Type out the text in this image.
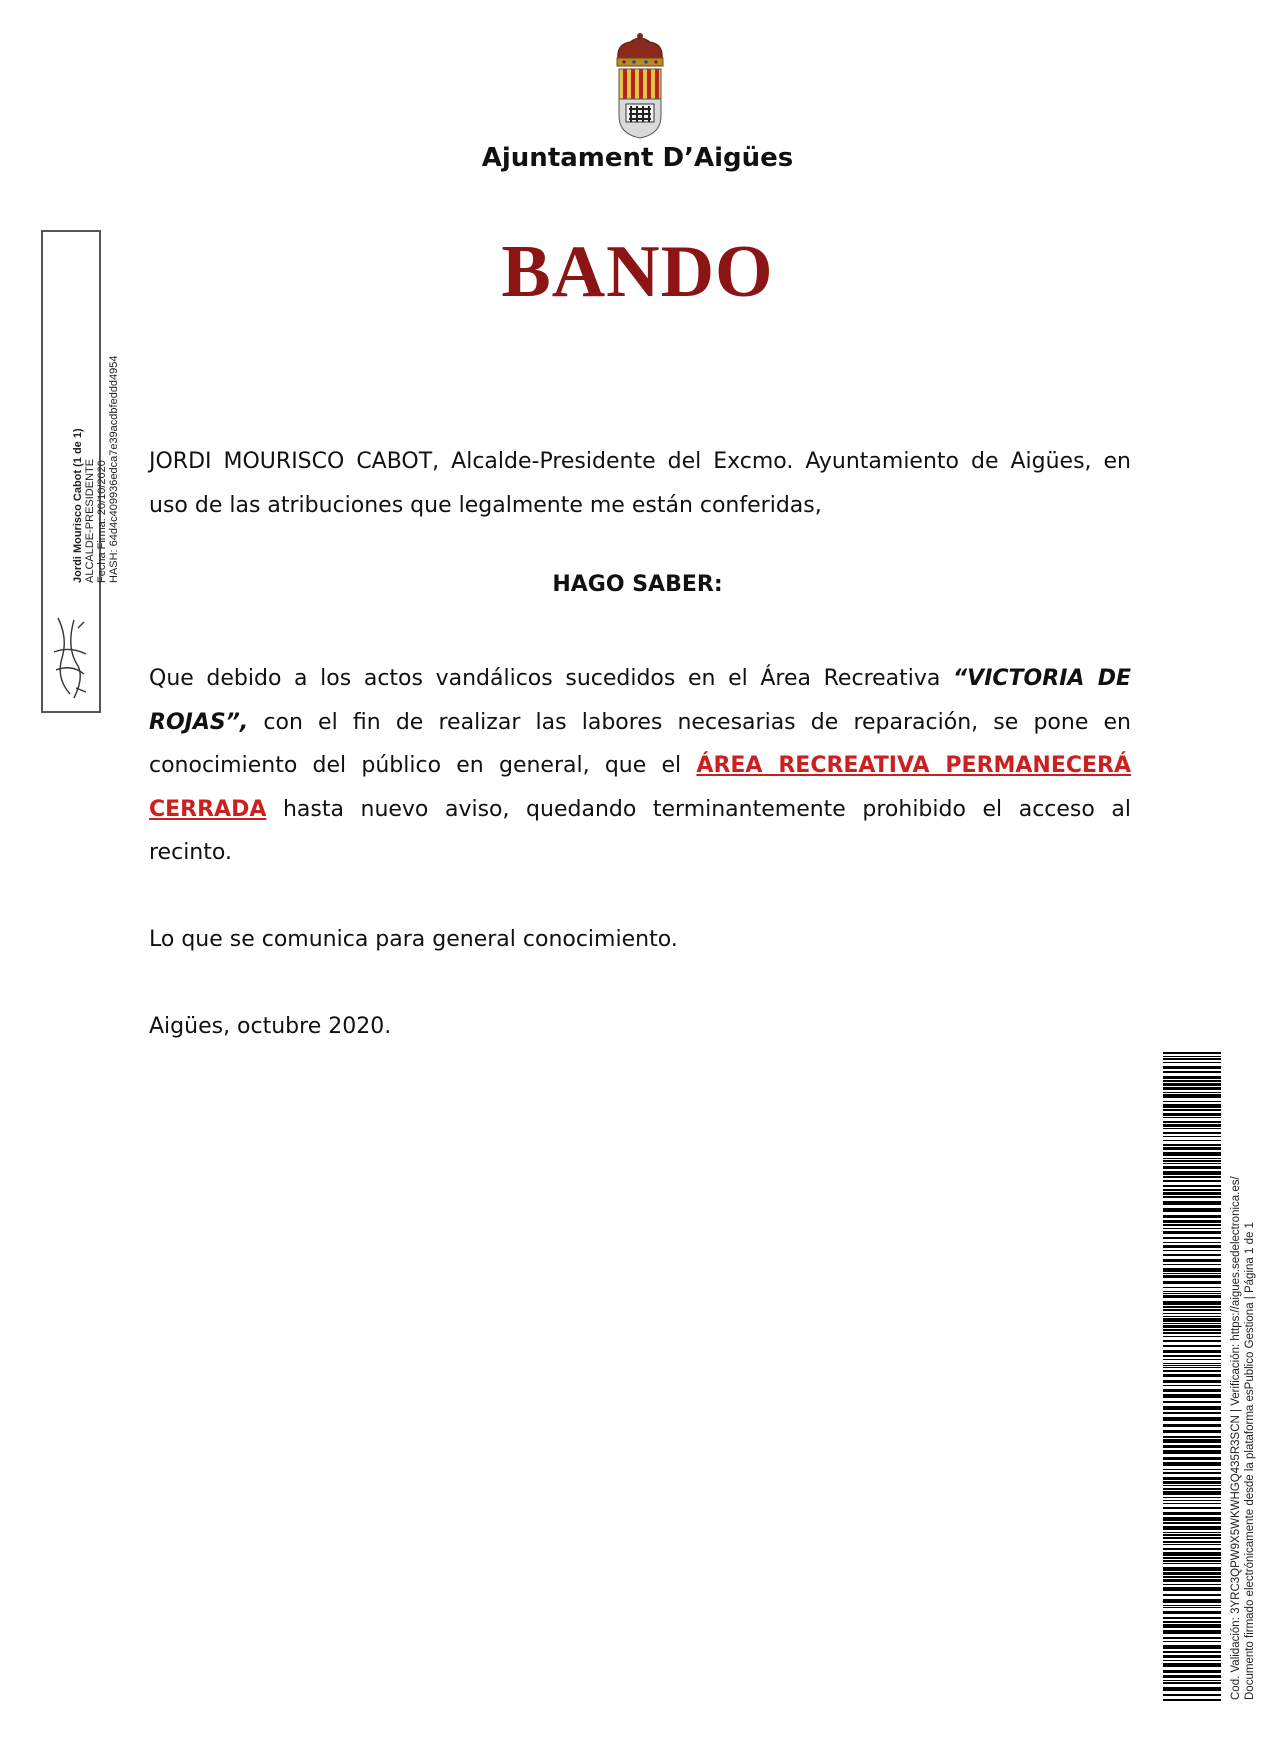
Ajuntament D’Aigües
BANDO
Jordi Mourisco Cabot (1 de 1) ALCALDE-PRESIDENTE Fecha Firma: 20/10/2020 HASH: 64d4c409936edca7e39acdbfeddd4954 JORDI MOURISCO CABOT, Alcalde-Presidente del Excmo. Ayuntamiento de Aigües, en uso de las atribuciones que legalmente me están conferidas,
HAGO SABER:
Que debido a los actos vandálicos sucedidos en el Área Recreativa “VICTORIA DE ROJAS”, con el fin de realizar las labores necesarias de reparación, se pone en conocimiento del público en general, que el ÁREA RECREATIVA PERMANECERÁ CERRADA hasta nuevo aviso, quedando terminantemente prohibido el acceso al recinto.
Lo que se comunica para general conocimiento.
Aigües, octubre 2020.
Cod. Validación: 3YRC3QPW9X5WKWHGQ435R3SCN | Verificación: https://aigues.sedelectronica.es/ Documento firmado electrónicamente desde la plataforma esPublico Gestiona | Página 1 de 1
